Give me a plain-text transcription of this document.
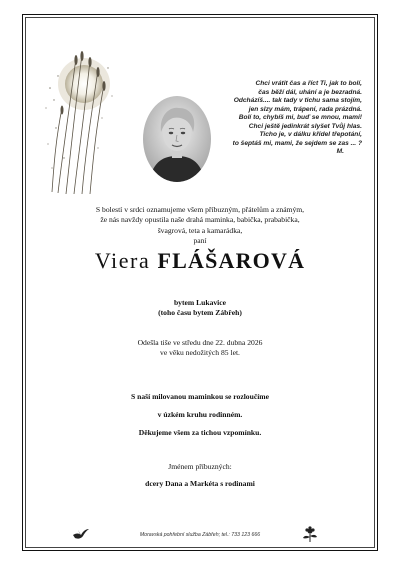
Chci vrátit čas a říct Ti, jak to bolí,
čas běží dál, uhání a je bezradná.
Odcházíš.... tak tady v tichu sama stojím,
jen slzy mám, trápení, rada prázdná.
Bolí to, chybíš mi, buď se mnou, mami!
Chci ještě jedinkrát slyšet Tvůj hlas.
Ticho je, v dálku křídel třepotání,
to šeptáš mi, mami, že sejdem se zas ... ?
M.
S bolestí v srdci oznamujeme všem příbuzným, přátelům a známým,
že nás navždy opustila naše drahá maminka, babička, prababička,
švagrová, teta a kamarádka,
paní
Viera FLÁŠAROVÁ
bytem Lukavice
(toho času bytem Zábřeh)
Odešla tiše ve středu dne 22. dubna 2026
ve věku nedožitých 85 let.
S naší milovanou maminkou se rozloučíme
v úzkém kruhu rodinném.
Děkujeme všem za tichou vzpomínku.
Jménem příbuzných:
dcery Dana a Markéta s rodinami
Moravská pohřební služba Zábřeh; tel.: 733 123 666
